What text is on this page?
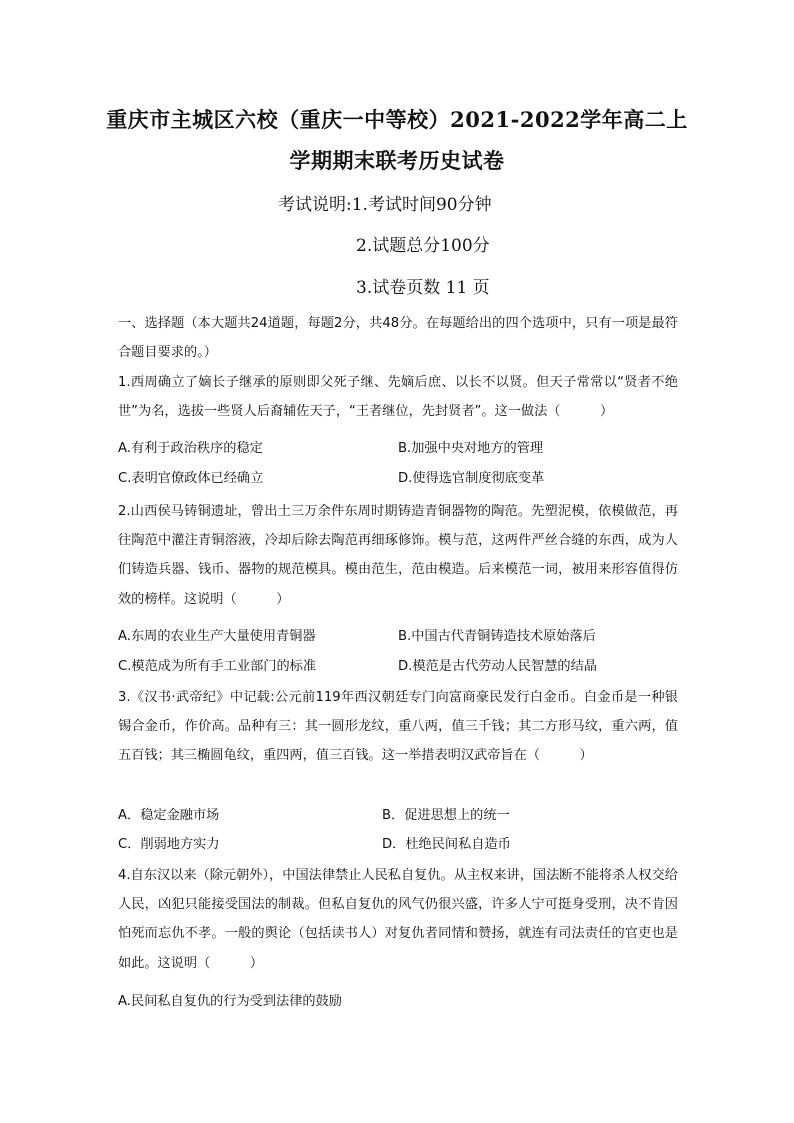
重庆市主城区六校（重庆一中等校）2021-2022学年高二上
学期期末联考历史试卷
考试说明:1.考试时间90分钟
2.试题总分100分
3.试卷页数 11 页
一、选择题（本大题共24道题，每题2分，共48分。在每题给出的四个选项中，只有一项是最符合题目要求的。）
1.西周确立了嫡长子继承的原则即父死子继、先嫡后庶、以长不以贤。但天子常常以“贤者不绝世”为名，选拔一些贤人后裔辅佐天子，“王者继位，先封贤者”。这一做法（　　　）
A.有利于政治秩序的稳定	B.加强中央对地方的管理
C.表明官僚政体已经确立	D.使得选官制度彻底变革
2.山西侯马铸铜遗址，曾出土三万余件东周时期铸造青铜器物的陶范。先塑泥模，依模做范，再往陶范中灌注青铜溶液，冷却后除去陶范再细琢修饰。模与范，这两件严丝合缝的东西，成为人们铸造兵器、钱币、器物的规范模具。模由范生，范由模造。后来模范一词，被用来形容值得仿效的榜样。这说明（　　　）
A.东周的农业生产大量使用青铜器	B.中国古代青铜铸造技术原始落后
C.模范成为所有手工业部门的标准	D.模范是古代劳动人民智慧的结晶
3.《汉书·武帝纪》中记载:公元前119年西汉朝廷专门向富商豪民发行白金币。白金币是一种银锡合金币，作价高。品种有三：其一圆形龙纹，重八两，值三千钱；其二方形马纹，重六两，值五百钱；其三椭圆龟纹，重四两，值三百钱。这一举措表明汉武帝旨在（　　　）
A．稳定金融市场	B．促进思想上的统一
C．削弱地方实力	D．杜绝民间私自造币
4.自东汉以来（除元朝外），中国法律禁止人民私自复仇。从主权来讲，国法断不能将杀人权交给人民，凶犯只能接受国法的制裁。但私自复仇的风气仍很兴盛，许多人宁可挺身受刑，决不肯因怕死而忘仇不孝。一般的舆论（包括读书人）对复仇者同情和赞扬，就连有司法责任的官吏也是如此。这说明（　　　）
A.民间私自复仇的行为受到法律的鼓励
